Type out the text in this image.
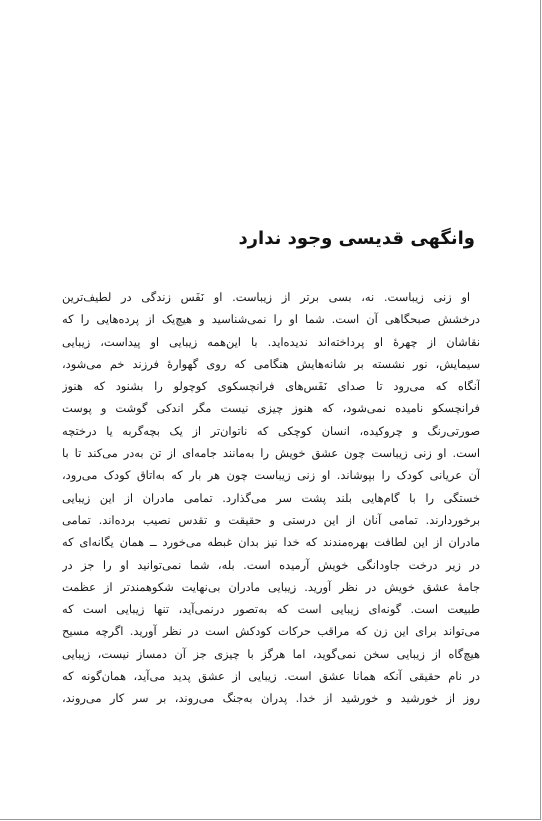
وانگهی قدیسی وجود ندارد
او زنی زیباست. نه، بسی برتر از زیباست. او نَفَس زندگی در لطیف‌ترین
درخشش صبحگاهی آن است. شما او را نمی‌شناسید و هیچ‌یک از پرده‌هایی را که
نقاشان از چهرهٔ او پرداخته‌اند ندیده‌اید. با این‌همه زیبایی او پیداست، زیبایی
سیمایش، نور نشسته بر شانه‌هایش هنگامی که روی گهوارهٔ فرزند خم می‌شود،
آنگاه که می‌رود تا صدای نَفَس‌های فرانچسکوی کوچولو را بشنود که هنوز
فرانچسکو نامیده نمی‌شود، که هنوز چیزی نیست مگر اندکی گوشت و پوست
صورتی‌رنگ و چروکیده، انسان کوچکی که ناتوان‌تر از یک بچه‌گربه یا درختچه
است. او زنی زیباست چون عشق خویش را به‌مانند جامه‌ای از تن به‌در می‌کند تا با
آن عریانی کودک را بپوشاند. او زنی زیباست چون هر بار که به‌اتاق کودک می‌رود،
خستگی را با گام‌هایی بلند پشت سر می‌گذارد. تمامی مادران از این زیبایی
برخوردارند. تمامی آنان از این درستی و حقیقت و تقدس نصیب برده‌اند. تمامی
مادران از این لطافت بهره‌مندند که خدا نیز بدان غبطه می‌خورد ــ همان یگانه‌ای که
در زیر درخت جاودانگی خویش آرمیده است. بله، شما نمی‌توانید او را جز در
جامهٔ عشق خویش در نظر آورید. زیبایی مادران بی‌نهایت شکوهمندتر از عظمت
طبیعت است. گونه‌ای زیبایی است که به‌تصور درنمی‌آید، تنها زیبایی است که
می‌تواند برای این زن که مراقب حرکات کودکش است در نظر آورید. اگرچه مسیح
هیچ‌گاه از زیبایی سخن نمی‌گوید، اما هرگز با چیزی جز آن دمساز نیست، زیبایی
در نام حقیقی آنکه همانا عشق است. زیبایی از عشق پدید می‌آید، همان‌گونه که
روز از خورشید و خورشید از خدا. پدران به‌جنگ می‌روند، بر سر کار می‌روند،
